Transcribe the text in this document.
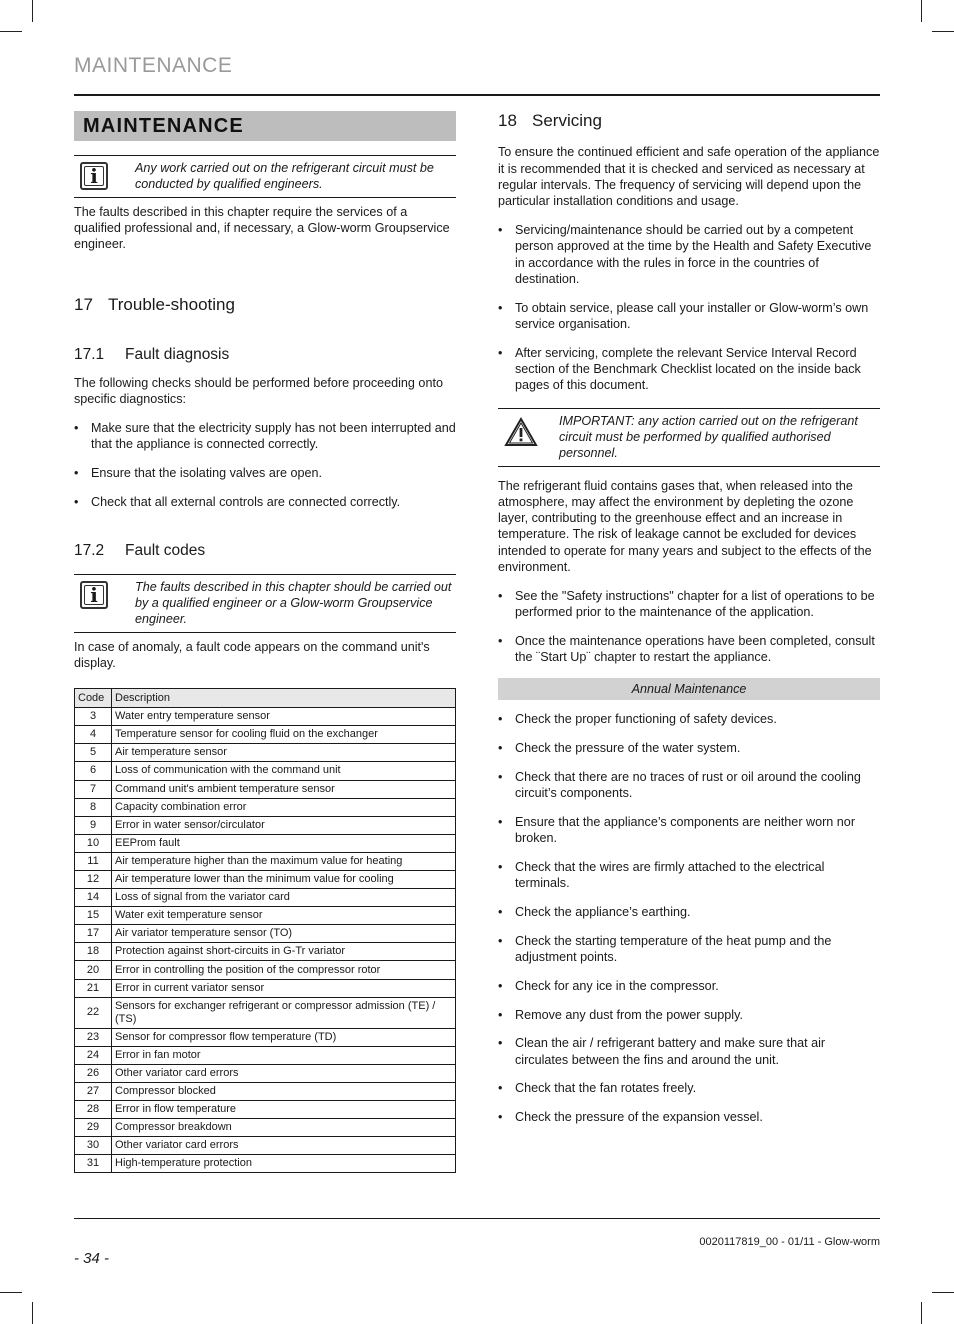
MAINTENANCE
MAINTENANCE
i	Any work carried out on the refrigerant circuit must be conducted by qualified engineers.

The faults described in this chapter require the services of a qualified professional and, if necessary, a Glow-worm Groupservice engineer.

17 Trouble-shooting
17.1 Fault diagnosis

The following checks should be performed before proceeding onto specific diagnostics:

• Make sure that the electricity supply has not been interrupted and that the appliance is connected correctly.
• Ensure that the isolating valves are open.
• Check that all external controls are connected correctly.
17.2 Fault codes
i	The faults described in this chapter should be carried out by a qualified engineer or a Glow-worm Groupservice engineer.

In case of anomaly, a fault code appears on the command unit's display.

Code	Description
3	Water entry temperature sensor
4	Temperature sensor for cooling fluid on the exchanger
5	Air temperature sensor
6	Loss of communication with the command unit
7	Command unit's ambient temperature sensor
8	Capacity combination error
9	Error in water sensor/circulator
10	EEProm fault
11	Air temperature higher than the maximum value for heating
12	Air temperature lower than the minimum value for cooling
14	Loss of signal from the variator card
15	Water exit temperature sensor
17	Air variator temperature sensor (TO)
18	Protection against short-circuits in G-Tr variator
20	Error in controlling the position of the compressor rotor
21	Error in current variator sensor
22	Sensors for exchanger refrigerant or compressor admission (TE) / (TS)
23	Sensor for compressor flow temperature (TD)
24	Error in fan motor
26	Other variator card errors
27	Compressor blocked
28	Error in flow temperature
29	Compressor breakdown
30	Other variator card errors
31	High-temperature protection
18 Servicing

To ensure the continued efficient and safe operation of the appliance it is recommended that it is checked and serviced as necessary at regular intervals. The frequency of servicing will depend upon the particular installation conditions and usage.

• Servicing/maintenance should be carried out by a competent person approved at the time by the Health and Safety Executive in accordance with the rules in force in the countries of destination.
• To obtain service, please call your installer or Glow-worm’s own service organisation.
• After servicing, complete the relevant Service Interval Record section of the Benchmark Checklist located on the inside back pages of this document.
IMPORTANT: any action carried out on the refrigerant circuit must be performed by qualified authorised personnel.

The refrigerant fluid contains gases that, when released into the atmosphere, may affect the environment by depleting the ozone layer, contributing to the greenhouse effect and an increase in temperature. The risk of leakage cannot be excluded for devices intended to operate for many years and subject to the effects of the environment.

• See the "Safety instructions" chapter for a list of operations to be performed prior to the maintenance of the application.
• Once the maintenance operations have been completed, consult the ¨Start Up¨ chapter to restart the appliance.
Annual Maintenance
• Check the proper functioning of safety devices.
• Check the pressure of the water system.
• Check that there are no traces of rust or oil around the cooling circuit’s components.
• Ensure that the appliance’s components are neither worn nor broken.
• Check that the wires are firmly attached to the electrical terminals.
• Check the appliance’s earthing.
• Check the starting temperature of the heat pump and the adjustment points.
• Check for any ice in the compressor.
• Remove any dust from the power supply.
• Clean the air / refrigerant battery and make sure that air circulates between the fins and around the unit.
• Check that the fan rotates freely.
• Check the pressure of the expansion vessel.
0020117819_00 - 01/11 - Glow-worm
- 34 -
